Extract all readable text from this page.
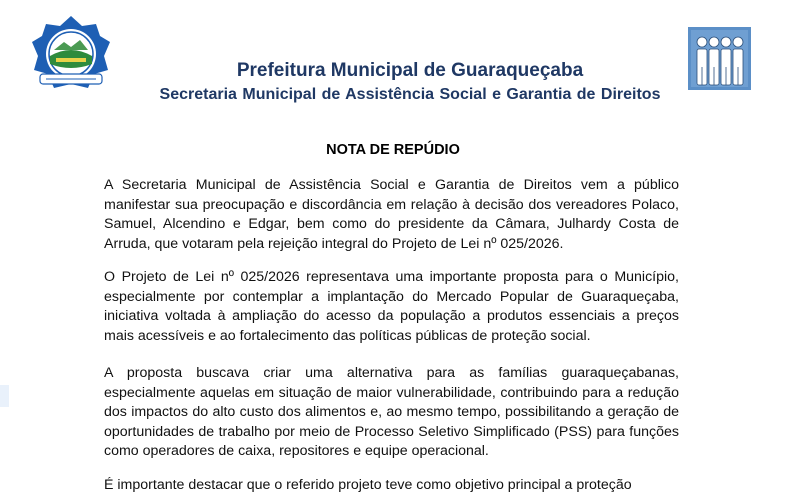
Prefeitura Municipal de Guaraqueçaba
Secretaria Municipal de Assistência Social e Garantia de Direitos
NOTA DE REPÚDIO

A Secretaria Municipal de Assistência Social e Garantia de Direitos vem a público manifestar sua preocupação e discordância em relação à decisão dos vereadores Polaco, Samuel, Alcendino e Edgar, bem como do presidente da Câmara, Julhardy Costa de Arruda, que votaram pela rejeição integral do Projeto de Lei nº 025/2026.

O Projeto de Lei nº 025/2026 representava uma importante proposta para o Município, especialmente por contemplar a implantação do Mercado Popular de Guaraqueçaba, iniciativa voltada à ampliação do acesso da população a produtos essenciais a preços mais acessíveis e ao fortalecimento das políticas públicas de proteção social.

A proposta buscava criar uma alternativa para as famílias guaraqueçabanas, especialmente aquelas em situação de maior vulnerabilidade, contribuindo para a redução dos impactos do alto custo dos alimentos e, ao mesmo tempo, possibilitando a geração de oportunidades de trabalho por meio de Processo Seletivo Simplificado (PSS) para funções como operadores de caixa, repositores e equipe operacional.

É importante destacar que o referido projeto teve como objetivo principal a proteção
